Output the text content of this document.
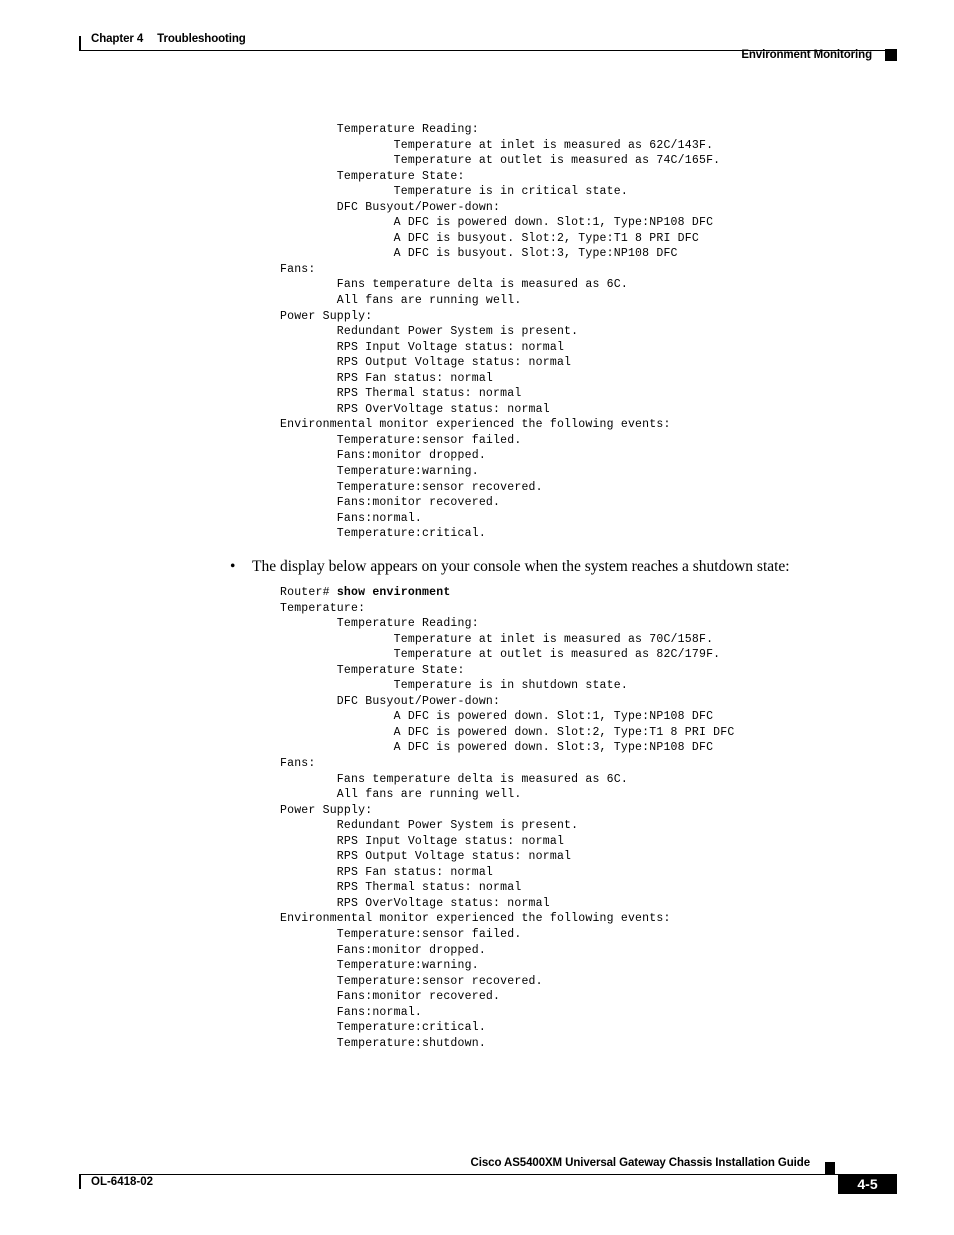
Chapter 4 Troubleshooting
Environment Monitoring
Temperature Reading:
Temperature at inlet is measured as 62C/143F.
Temperature at outlet is measured as 74C/165F.
Temperature State:
Temperature is in critical state.
DFC Busyout/Power-down:
A DFC is powered down. Slot:1, Type:NP108 DFC
A DFC is busyout. Slot:2, Type:T1 8 PRI DFC
A DFC is busyout. Slot:3, Type:NP108 DFC
Fans:
Fans temperature delta is measured as 6C.
All fans are running well.
Power Supply:
Redundant Power System is present.
RPS Input Voltage status: normal
RPS Output Voltage status: normal
RPS Fan status: normal
RPS Thermal status: normal
RPS OverVoltage status: normal
Environmental monitor experienced the following events:
Temperature:sensor failed.
Fans:monitor dropped.
Temperature:warning.
Temperature:sensor recovered.
Fans:monitor recovered.
Fans:normal.
Temperature:critical.
• The display below appears on your console when the system reaches a shutdown state:
Router# show environment
Temperature:
Temperature Reading:
Temperature at inlet is measured as 70C/158F.
Temperature at outlet is measured as 82C/179F.
Temperature State:
Temperature is in shutdown state.
DFC Busyout/Power-down:
A DFC is powered down. Slot:1, Type:NP108 DFC
A DFC is powered down. Slot:2, Type:T1 8 PRI DFC
A DFC is powered down. Slot:3, Type:NP108 DFC
Fans:
Fans temperature delta is measured as 6C.
All fans are running well.
Power Supply:
Redundant Power System is present.
RPS Input Voltage status: normal
RPS Output Voltage status: normal
RPS Fan status: normal
RPS Thermal status: normal
RPS OverVoltage status: normal
Environmental monitor experienced the following events:
Temperature:sensor failed.
Fans:monitor dropped.
Temperature:warning.
Temperature:sensor recovered.
Fans:monitor recovered.
Fans:normal.
Temperature:critical.
Temperature:shutdown.
Cisco AS5400XM Universal Gateway Chassis Installation Guide
OL-6418-02	4-5
